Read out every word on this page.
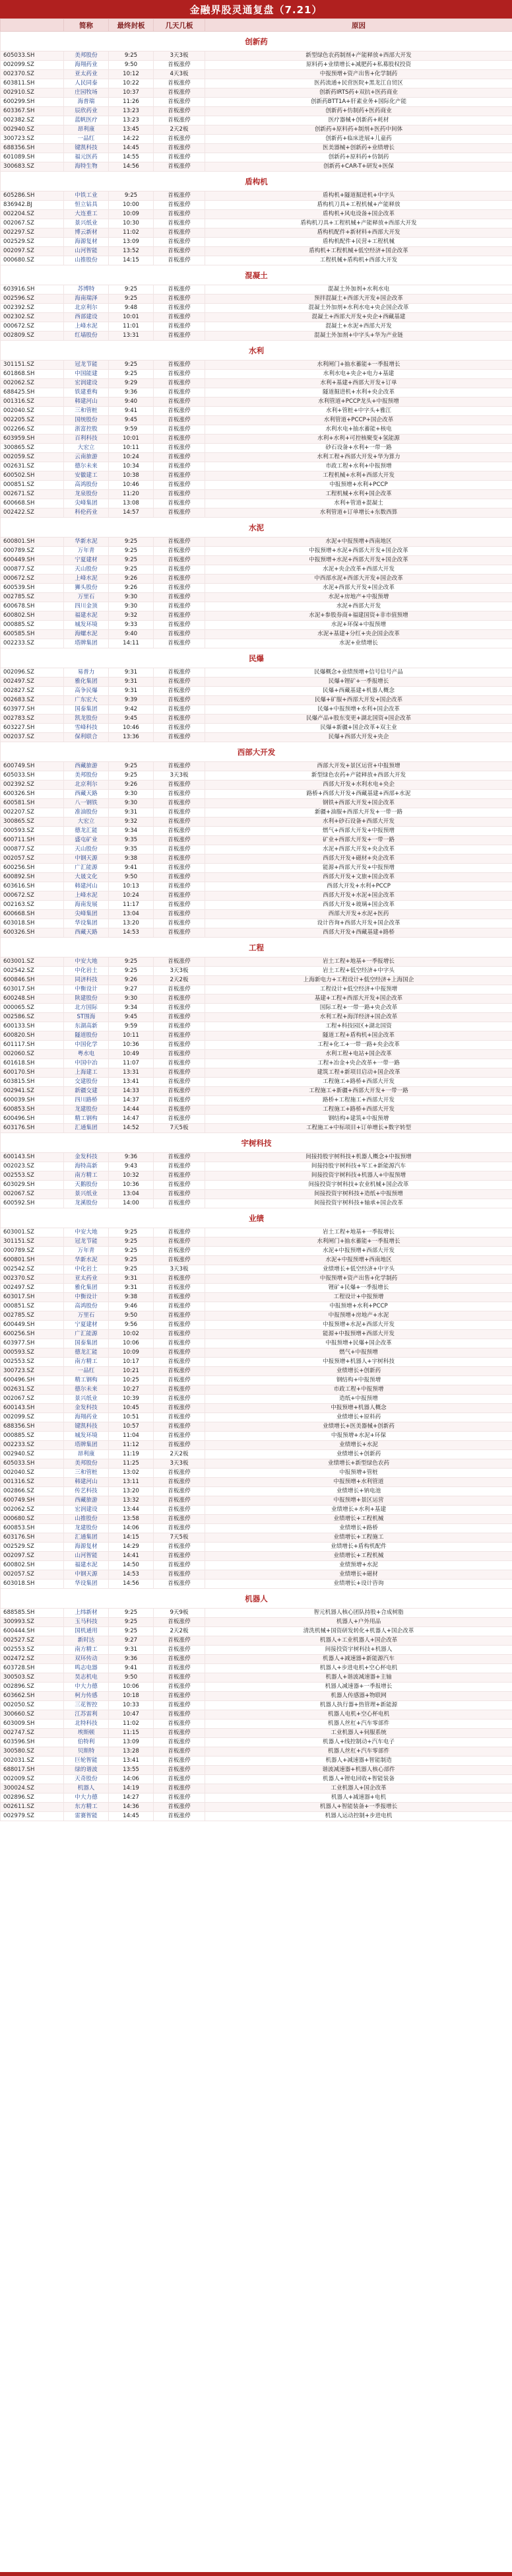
金融界股灵通复盘（7.21）
	简称	最终封板	几天几板	原因
创新药				
605033.SH	美邦股份	9:25	3天3板	新型绿色农药制剂+产能释放+西部大开发
002099.SZ	海翔药业	9:50	首板涨停	原料药+业绩增长+减肥药+私募股权投资
002370.SZ	亚太药业	10:12	4天3板	中报预增+资产出售+化学制药
603811.SH	人民同泰	10:22	首板涨停	医药流通+民营医院+黑龙江自贸区
002910.SZ	庄园牧场	10:37	首板涨停	创新药IRTS药+双抗+医药商业
600299.SH	海普瑞	11:26	首板涨停	创新药BTT1A+肝素业务+国际化产能
603367.SH	辰欣药业	13:23	首板涨停	创新药+仿制药+医药商业
002382.SZ	蓝帆医疗	13:23	首板涨停	医疗器械+创新药+耗材
002940.SZ	昂利康	13:45	2天2板	创新药+原料药+制剂+医药中间体
300723.SZ	一品红	14:22	首板涨停	创新药+临床进展+儿童药
688356.SH	键凯科技	14:45	首板涨停	医美器械+创新药+业绩增长
601089.SH	福元医药	14:55	首板涨停	创新药+原料药+仿制药
300683.SZ	海特生物	14:56	首板涨停	创新药+CAR-T+研发+医保
盾构机				
605286.SH	中铁工业	9:25	首板涨停	盾构机+隧道掘进机+中字头
836942.BJ	恒立钻具	10:00	首板涨停	盾构机刀具+工程机械+产能释放
002204.SZ	大连重工	10:09	首板涨停	盾构机+风电设备+国企改革
002067.SZ	景兴纸业	10:30	首板涨停	盾构机刀具+工程机械+产能释放+西部大开发
002297.SZ	博云新材	11:02	首板涨停	盾构机配件+新材料+西部大开发
002529.SZ	海源复材	13:09	首板涨停	盾构机配件+民营+工程机械
002097.SZ	山河智能	13:52	首板涨停	盾构机+工程机械+低空经济+国企改革
000680.SZ	山推股份	14:15	首板涨停	工程机械+盾构机+西部大开发
混凝土				
603916.SH	苏博特	9:25	首板涨停	混凝土外加剂+水利水电
002596.SZ	海南瑞泽	9:25	首板涨停	预拌混凝土+西部大开发+国企改革
002392.SZ	北京利尔	9:48	首板涨停	混凝土外加剂+水利水电+央企国企改革
002302.SZ	西部建设	10:01	首板涨停	混凝土+西部大开发+央企+西藏基建
000672.SZ	上峰水泥	11:01	首板涨停	混凝土+水泥+西部大开发
002809.SZ	红墙股份	13:31	首板涨停	混凝土外加剂+中字头+华为产业链
水利				
301151.SZ	冠龙节能	9:25	首板涨停	水利闸门+抽水蓄能+一季报增长
601868.SH	中国能建	9:25	首板涨停	水利水电+央企+电力+基建
002062.SZ	宏润建设	9:29	首板涨停	水利+基建+西部大开发+订单
688425.SH	铁建重构	9:36	首板涨停	隧道掘进机+水利+央企改革
001316.SZ	韩建河山	9:40	首板涨停	水利管道+PCCP龙头+中报预增
002040.SZ	三和管桩	9:41	首板涨停	水利+管桩+中字头+雅江
002205.SZ	国统股份	9:45	首板涨停	水利管道+PCCP+国企改革
002266.SZ	浙富控股	9:59	首板涨停	水利水电+抽水蓄能+核电
603959.SH	百利科技	10:01	首板涨停	水利+水利+可控核聚变+氢能源
300865.SZ	大宏立	10:11	首板涨停	砂石设备+水利+一带一路
002059.SZ	云南旅游	10:24	首板涨停	水利工程+西部大开发+华为算力
002631.SZ	德尔未来	10:34	首板涨停	市政工程+水利+中报预增
600502.SH	安徽建工	10:38	首板涨停	工程机械+水利+西部大开发
000851.SZ	高鸿股份	10:46	首板涨停	中报预增+水利+PCCP
002671.SZ	龙泉股份	11:20	首板涨停	工程机械+水利+国企改革
600668.SH	尖峰集团	13:08	首板涨停	水利+管道+混凝土
002422.SZ	科伦药业	14:57	首板涨停	水利管道+订单增长+东数西算
水泥				
600801.SH	华新水泥	9:25	首板涨停	水泥+中报预增+西南地区
000789.SZ	万年青	9:25	首板涨停	中报预增+水泥+西部大开发+国企改革
600449.SH	宁夏建材	9:25	首板涨停	中报预增+水泥+西部大开发+国企改革
000877.SZ	天山股份	9:25	首板涨停	水泥+央企改革+西部大开发
000672.SZ	上峰水泥	9:26	首板涨停	中西部水泥+西部大开发+国企改革
600539.SH	狮头股份	9:26	首板涨停	水泥+西部大开发+国企改革
002785.SZ	万里石	9:30	首板涨停	水泥+房地产+中报预增
600678.SH	四川金顶	9:30	首板涨停	水泥+西部大开发
600802.SH	福建水泥	9:32	首板涨停	水泥+参股券商+福建国资+非市值预增
000885.SZ	城发环境	9:33	首板涨停	水泥+环保+中报预增
600585.SH	海螺水泥	9:40	首板涨停	水泥+基建+分红+央企国企改革
002233.SZ	塔牌集团	14:11	首板涨停	水泥+业绩增长
民爆				
002096.SZ	易普力	9:31	首板涨停	民爆概念+业绩预增+信号信号产品
002497.SZ	雅化集团	9:31	首板涨停	民爆+锂矿+一季报增长
002827.SZ	高争民爆	9:31	首板涨停	民爆+西藏基建+机器人概念
002683.SZ	广东宏大	9:39	首板涨停	民爆+矿服+西部大开发+国企改革
603977.SH	国泰集团	9:42	首板涨停	民爆+中报预增+水利+国企改革
002783.SZ	凯龙股份	9:45	首板涨停	民爆产品+股东变更+湖北国资+国企改革
603227.SH	雪峰科技	10:46	首板涨停	民爆+新疆+国企改革+双主业
002037.SZ	保利联合	13:36	首板涨停	民爆+西部大开发+央企
西部大开发				
600749.SH	西藏旅游	9:25	首板涨停	西部大开发+景区运营+中报预增
605033.SH	美邦股份	9:25	3天3板	新型绿色农药+产能释放+西部大开发
002392.SZ	北京利尔	9:26	首板涨停	西部大开发+水利水电+央企
600326.SH	西藏天路	9:30	首板涨停	路桥+西部大开发+西藏基建+西部+水泥
600581.SH	八一钢铁	9:30	首板涨停	钢铁+西部大开发+国企改革
002207.SZ	准油股份	9:31	首板涨停	新疆+油服+西部大开发+一带一路
300865.SZ	大宏立	9:32	首板涨停	水利+砂石设备+西部大开发
000593.SZ	德龙汇能	9:34	首板涨停	燃气+西部大开发+中报预增
600711.SH	盛屯矿业	9:35	首板涨停	矿业+西部大开发+一带一路
000877.SZ	天山股份	9:35	首板涨停	水泥+西部大开发+央企改革
002057.SZ	中钢天源	9:38	首板涨停	西部大开发+磁材+央企改革
600256.SH	广汇能源	9:41	首板涨停	能源+西部大开发+中报预增
600892.SH	大晟文化	9:50	首板涨停	西部大开发+文旅+国企改革
603616.SH	韩建河山	10:13	首板涨停	西部大开发+水利+PCCP
000672.SZ	上峰水泥	10:24	首板涨停	西部大开发+水泥+国企改革
002163.SZ	海南发展	11:17	首板涨停	西部大开发+玻璃+国企改革
600668.SH	尖峰集团	13:04	首板涨停	西部大开发+水泥+医药
603018.SH	华设集团	13:20	首板涨停	设计咨询+西部大开发+国企改革
600326.SH	西藏天路	14:53	首板涨停	西部大开发+西藏基建+路桥
工程				
603001.SZ	中安大地	9:25	首板涨停	岩土工程+地基+一季报增长
002542.SZ	中化岩土	9:25	3天3板	岩土工程+低空经济+中字头
600846.SH	同济科技	9:26	2天2板	上海新电力+工程设计+低空经济+上海国企
603017.SH	中衡设计	9:27	首板涨停	工程设计+低空经济+中报预增
600248.SH	陕建股份	9:30	首板涨停	基建+工程+西部大开发+国企改革
000065.SZ	北方国际	9:34	首板涨停	国际工程+一带一路+央企改革
002586.SZ	ST围海	9:45	首板涨停	水利工程+海洋经济+国企改革
600133.SH	东湖高新	9:59	首板涨停	工程+科技园区+湖北国资
600820.SH	隧道股份	10:11	首板涨停	隧道工程+盾构机+国企改革
601117.SH	中国化学	10:36	首板涨停	工程+化工+一带一路+央企改革
002060.SZ	粤水电	10:49	首板涨停	水利工程+电站+国企改革
601618.SH	中国中冶	11:07	首板涨停	工程+冶金+央企改革+一带一路
600170.SH	上海建工	13:31	首板涨停	建筑工程+新项目启动+国企改革
603815.SH	交建股份	13:41	首板涨停	工程施工+路桥+西部大开发
002941.SZ	新疆交建	14:33	首板涨停	工程施工+新疆+西部大开发+一带一路
600039.SH	四川路桥	14:37	首板涨停	路桥+工程施工+西部大开发
600853.SH	龙建股份	14:44	首板涨停	工程施工+路桥+西部大开发
600496.SH	精工钢构	14:47	首板涨停	钢结构+建筑+中报预增
603176.SH	汇通集团	14:52	7天5板	工程施工+中标项目+订单增长+数字转型
宇树科技				
600143.SH	金发科技	9:36	首板涨停	间接持股宇树科技+机器人概念+中报预增
002023.SZ	海特高新	9:43	首板涨停	间接持股宇树科技+军工+新能源汽车
002553.SZ	南方精工	10:32	首板涨停	间接投资宇树科技+机器人+中报预增
603029.SH	天鹅股份	10:36	首板涨停	间接投资宇树科技+农业机械+国企改革
002067.SZ	景兴纸业	13:04	首板涨停	间接投资宇树科技+造纸+中报预增
600592.SH	龙溪股份	14:00	首板涨停	间接投资宇树科技+轴承+国企改革
业绩				
603001.SZ	中安大地	9:25	首板涨停	岩土工程+地基+一季报增长
301151.SZ	冠龙节能	9:25	首板涨停	水利闸门+抽水蓄能+一季报增长
000789.SZ	万年青	9:25	首板涨停	水泥+中报预增+西部大开发
600801.SH	华新水泥	9:25	首板涨停	水泥+中报预增+西南地区
002542.SZ	中化岩土	9:25	3天3板	业绩增长+低空经济+中字头
002370.SZ	亚太药业	9:31	首板涨停	中报预增+资产出售+化学制药
002497.SZ	雅化集团	9:31	首板涨停	锂矿+民爆+一季报增长
603017.SH	中衡设计	9:38	首板涨停	工程设计+中报预增
000851.SZ	高鸿股份	9:46	首板涨停	中报预增+水利+PCCP
002785.SZ	万里石	9:50	首板涨停	中报预增+房地产+水泥
600449.SH	宁夏建材	9:56	首板涨停	中报预增+水泥+西部大开发
600256.SH	广汇能源	10:02	首板涨停	能源+中报预增+西部大开发
603977.SH	国泰集团	10:06	首板涨停	中报预增+民爆+国企改革
000593.SZ	德龙汇能	10:09	首板涨停	燃气+中报预增
002553.SZ	南方精工	10:17	首板涨停	中报预增+机器人+宇树科技
300723.SZ	一品红	10:21	首板涨停	业绩增长+创新药
600496.SH	精工钢构	10:25	首板涨停	钢结构+中报预增
002631.SZ	德尔未来	10:27	首板涨停	市政工程+中报预增
002067.SZ	景兴纸业	10:39	首板涨停	造纸+中报预增
600143.SH	金发科技	10:45	首板涨停	中报预增+机器人概念
002099.SZ	海翔药业	10:51	首板涨停	业绩增长+原料药
688356.SH	键凯科技	10:57	首板涨停	业绩增长+医美器械+创新药
000885.SZ	城发环境	11:04	首板涨停	中报预增+水泥+环保
002233.SZ	塔牌集团	11:12	首板涨停	业绩增长+水泥
002940.SZ	昂利康	11:19	2天2板	业绩增长+创新药
605033.SH	美邦股份	11:25	3天3板	业绩增长+新型绿色农药
002040.SZ	三和管桩	13:02	首板涨停	中报预增+管桩
001316.SZ	韩建河山	13:11	首板涨停	中报预增+水利管道
002866.SZ	传艺科技	13:20	首板涨停	业绩增长+钠电池
600749.SH	西藏旅游	13:32	首板涨停	中报预增+景区运营
002062.SZ	宏润建设	13:44	首板涨停	业绩增长+水利+基建
000680.SZ	山推股份	13:58	首板涨停	业绩增长+工程机械
600853.SH	龙建股份	14:06	首板涨停	业绩增长+路桥
603176.SH	汇通集团	14:15	7天5板	业绩增长+工程施工
002529.SZ	海源复材	14:29	首板涨停	业绩增长+盾构机配件
002097.SZ	山河智能	14:41	首板涨停	业绩增长+工程机械
600802.SH	福建水泥	14:50	首板涨停	业绩预增+水泥
002057.SZ	中钢天源	14:53	首板涨停	业绩增长+磁材
603018.SH	华设集团	14:56	首板涨停	业绩增长+设计咨询
机器人				
688585.SH	上纬新材	9:25	9天9板	智元机器人核心团队持股+合成树脂
300993.SZ	玉马科技	9:25	首板涨停	机器人+户外用品
600444.SH	国机通用	9:25	2天2板	清洗机械+国资研发转化+机器人+国企改革
002527.SZ	新时达	9:27	首板涨停	机器人+工业机器人+国企改革
002553.SZ	南方精工	9:31	首板涨停	间接投资宇树科技+机器人
002472.SZ	双环传动	9:36	首板涨停	机器人+减速器+新能源汽车
603728.SH	鸣志电器	9:41	首板涨停	机器人+步进电机+空心杯电机
300503.SZ	昊志机电	9:50	首板涨停	机器人+谐波减速器+主轴
002896.SZ	中大力德	10:06	首板涨停	机器人减速器+一季报增长
603662.SH	柯力传感	10:18	首板涨停	机器人传感器+物联网
002050.SZ	三花智控	10:33	首板涨停	机器人执行器+热管理+新能源
300660.SZ	江苏雷利	10:47	首板涨停	机器人电机+空心杯电机
603009.SH	北特科技	11:02	首板涨停	机器人丝杠+汽车零部件
002747.SZ	埃斯顿	11:15	首板涨停	工业机器人+伺服系统
603596.SH	伯特利	13:09	首板涨停	机器人+线控制动+汽车电子
300580.SZ	贝斯特	13:28	首板涨停	机器人丝杠+汽车零部件
002031.SZ	巨轮智能	13:41	首板涨停	机器人+减速器+智能制造
688017.SH	绿的谐波	13:55	首板涨停	谐波减速器+机器人核心部件
002009.SZ	天奇股份	14:06	首板涨停	机器人+锂电回收+智能装备
300024.SZ	机器人	14:19	首板涨停	工业机器人+国企改革
002896.SZ	中大力德	14:27	首板涨停	机器人+减速器+电机
002611.SZ	东方精工	14:36	首板涨停	机器人+智能装备+一季报增长
002979.SZ	雷赛智能	14:45	首板涨停	机器人运动控制+步进电机
